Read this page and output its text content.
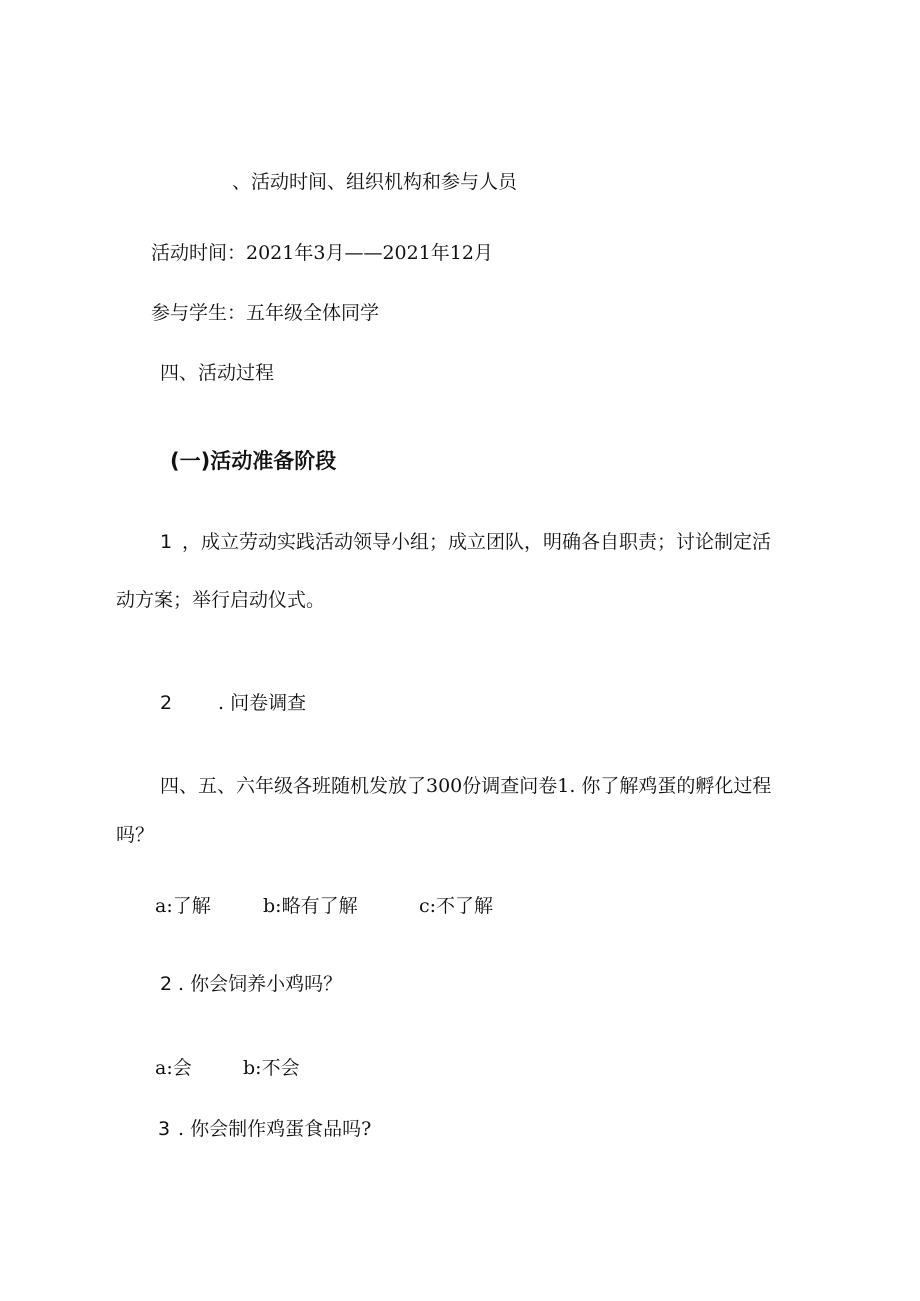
、活动时间、组织机构和参与人员
活动时间：2021年3月——2021年12月
参与学生：五年级全体同学
四、活动过程
(一)活动准备阶段
1 ，成立劳动实践活动领导小组；成立团队，明确各自职责；讨论制定活
动方案；举行启动仪式。
2 . 问卷调查
四、五、六年级各班随机发放了300份调查问卷1. 你了解鸡蛋的孵化过程
吗？
a:了解	b:略有了解	c:不了解
2 . 你会饲养小鸡吗？
a:会	b:不会
3 . 你会制作鸡蛋食品吗?
